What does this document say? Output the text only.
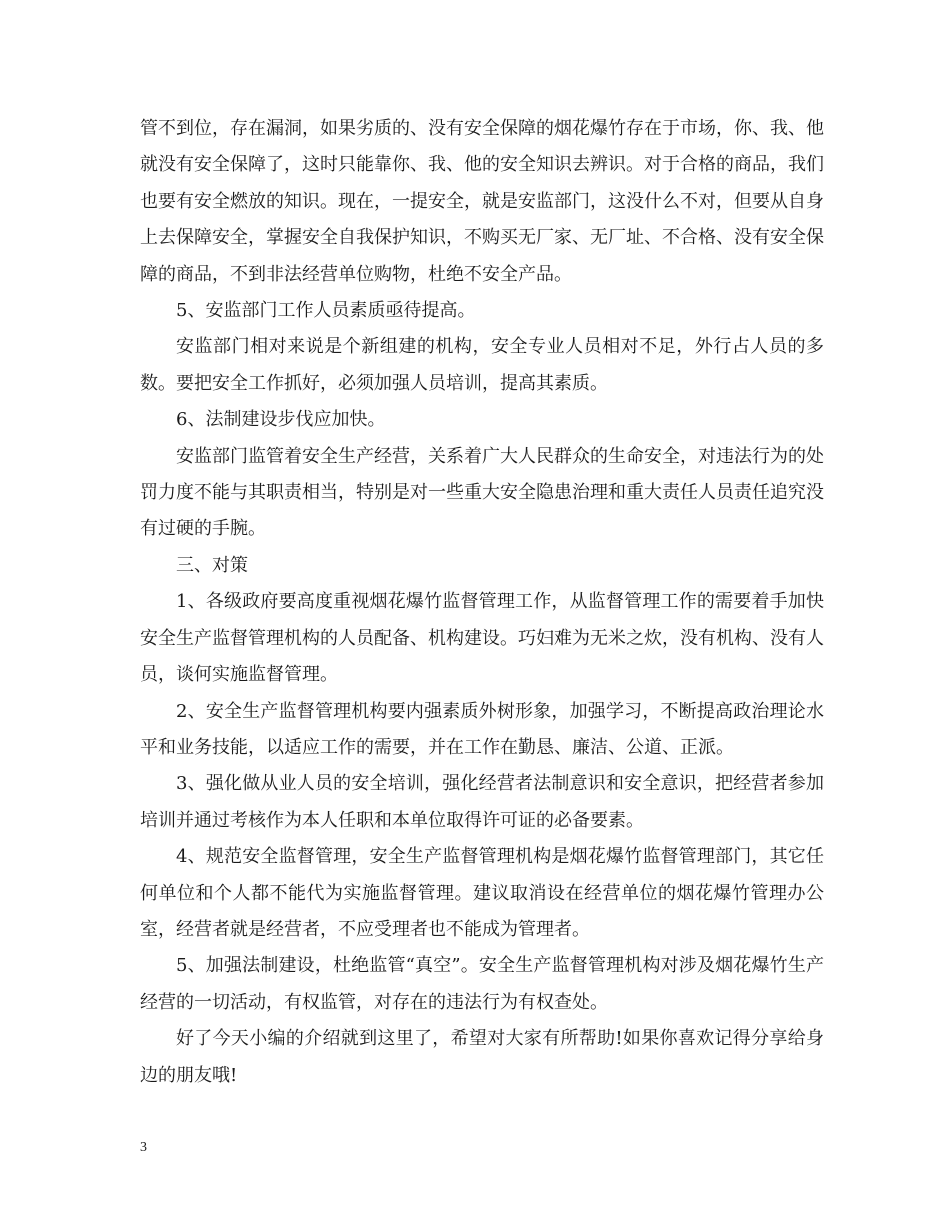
管不到位，存在漏洞，如果劣质的、没有安全保障的烟花爆竹存在于市场，你、我、他就没有安全保障了，这时只能靠你、我、他的安全知识去辨识。对于合格的商品，我们也要有安全燃放的知识。现在，一提安全，就是安监部门，这没什么不对，但要从自身上去保障安全，掌握安全自我保护知识，不购买无厂家、无厂址、不合格、没有安全保障的商品，不到非法经营单位购物，杜绝不安全产品。

5、安监部门工作人员素质亟待提高。

安监部门相对来说是个新组建的机构，安全专业人员相对不足，外行占人员的多数。要把安全工作抓好，必须加强人员培训，提高其素质。

6、法制建设步伐应加快。

安监部门监管着安全生产经营，关系着广大人民群众的生命安全，对违法行为的处罚力度不能与其职责相当，特别是对一些重大安全隐患治理和重大责任人员责任追究没有过硬的手腕。

三、对策

1、各级政府要高度重视烟花爆竹监督管理工作，从监督管理工作的需要着手加快安全生产监督管理机构的人员配备、机构建设。巧妇难为无米之炊，没有机构、没有人员，谈何实施监督管理。

2、安全生产监督管理机构要内强素质外树形象，加强学习，不断提高政治理论水平和业务技能，以适应工作的需要，并在工作在勤恳、廉洁、公道、正派。

3、强化做从业人员的安全培训，强化经营者法制意识和安全意识，把经营者参加培训并通过考核作为本人任职和本单位取得许可证的必备要素。

4、规范安全监督管理，安全生产监督管理机构是烟花爆竹监督管理部门，其它任何单位和个人都不能代为实施监督管理。建议取消设在经营单位的烟花爆竹管理办公室，经营者就是经营者，不应受理者也不能成为管理者。

5、加强法制建设，杜绝监管“真空”。安全生产监督管理机构对涉及烟花爆竹生产经营的一切活动，有权监管，对存在的违法行为有权查处。

好了今天小编的介绍就到这里了，希望对大家有所帮助!如果你喜欢记得分享给身边的朋友哦!

3
